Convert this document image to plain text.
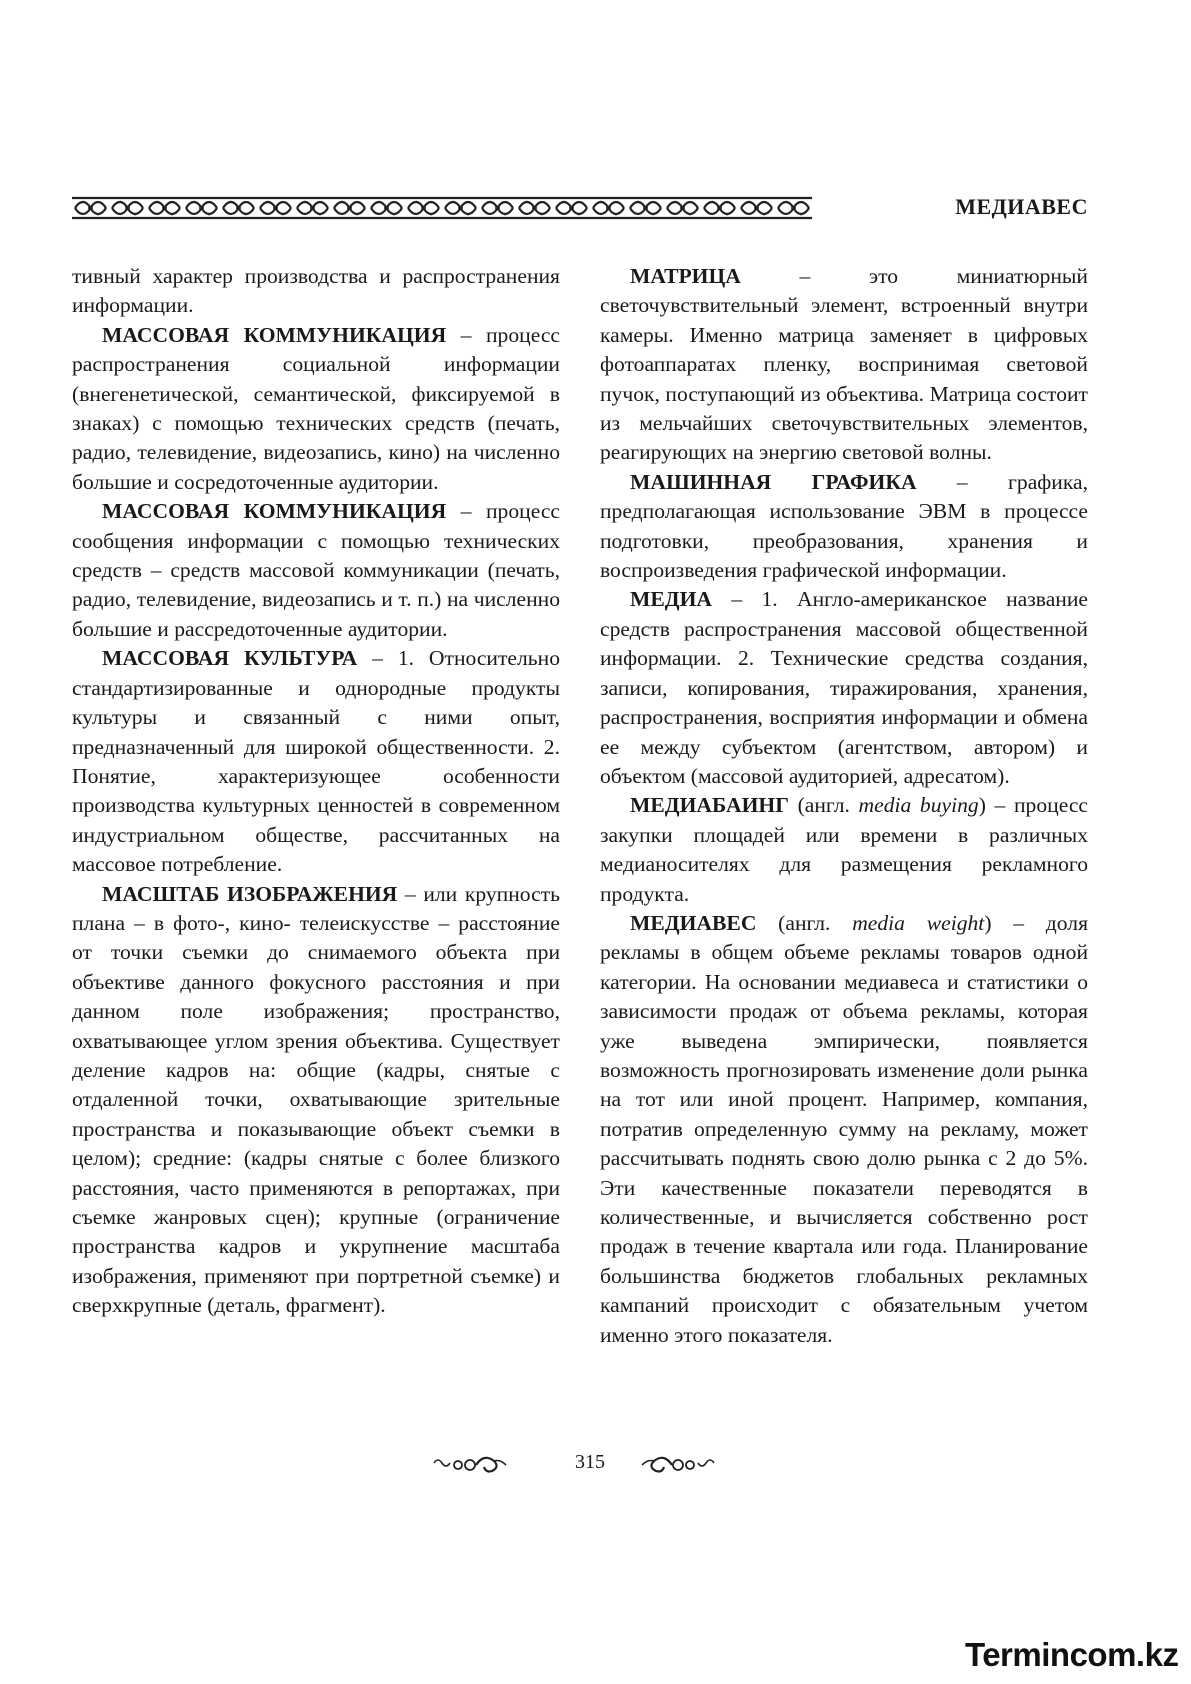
МЕДИАВЕС

тивный характер производства и распространения информации.

МАССОВАЯ КОММУНИКАЦИЯ – процесс распространения социальной информации (внегенетической, семантической, фиксируемой в знаках) с помощью технических средств (печать, радио, телевидение, видеозапись, кино) на численно большие и сосредоточенные аудитории.

МАССОВАЯ КОММУНИКАЦИЯ – процесс сообщения информации с помощью технических средств – средств массовой коммуникации (печать, радио, телевидение, видеозапись и т. п.) на численно большие и рассредоточенные аудитории.

МАССОВАЯ КУЛЬТУРА – 1. Относительно стандартизированные и однородные продукты культуры и связанный с ними опыт, предназначенный для широкой общественности. 2. Понятие, характеризующее особенности производства культурных ценностей в современном индустриальном обществе, рассчитанных на массовое потребление.

МАСШТАБ ИЗОБРАЖЕНИЯ – или крупность плана – в фото-, кино- телеискусстве – расстояние от точки съемки до снимаемого объекта при объективе данного фокусного расстояния и при данном поле изображения; пространство, охватывающее углом зрения объектива. Существует деление кадров на: общие (кадры, снятые с отдаленной точки, охватывающие зрительные пространства и показывающие объект съемки в целом); средние: (кадры снятые с более близкого расстояния, часто применяются в репортажах, при съемке жанровых сцен); крупные (ограничение пространства кадров и укрупнение масштаба изображения, применяют при портретной съемке) и сверхкрупные (деталь, фрагмент).

МАТРИЦА – это миниатюрный светочувствительный элемент, встроенный внутри камеры. Именно матрица заменяет в цифровых фотоаппаратах пленку, воспринимая световой пучок, поступающий из объектива. Матрица состоит из мельчайших светочувствительных элементов, реагирующих на энергию световой волны.

МАШИННАЯ ГРАФИКА – графика, предполагающая использование ЭВМ в процессе подготовки, преобразования, хранения и воспроизведения графической информации.

МЕДИА – 1. Англо-американское название средств распространения массовой общественной информации. 2. Технические средства создания, записи, копирования, тиражирования, хранения, распространения, восприятия информации и обмена ее между субъектом (агентством, автором) и объектом (массовой аудиторией, адресатом).

МЕДИАБАИНГ (англ. media buying) – процесс закупки площадей или времени в различных медианосителях для размещения рекламного продукта.

МЕДИАВЕС (англ. media weight) – доля рекламы в общем объеме рекламы товаров одной категории. На основании медиавеса и статистики о зависимости продаж от объема рекламы, которая уже выведена эмпирически, появляется возможность прогнозировать изменение доли рынка на тот или иной процент. Например, компания, потратив определенную сумму на рекламу, может рассчитывать поднять свою долю рынка с 2 до 5%. Эти качественные показатели переводятся в количественные, и вычисляется собственно рост продаж в течение квартала или года. Планирование большинства бюджетов глобальных рекламных кампаний происходит с обязательным учетом именно этого показателя.

315
Termincom.kz
